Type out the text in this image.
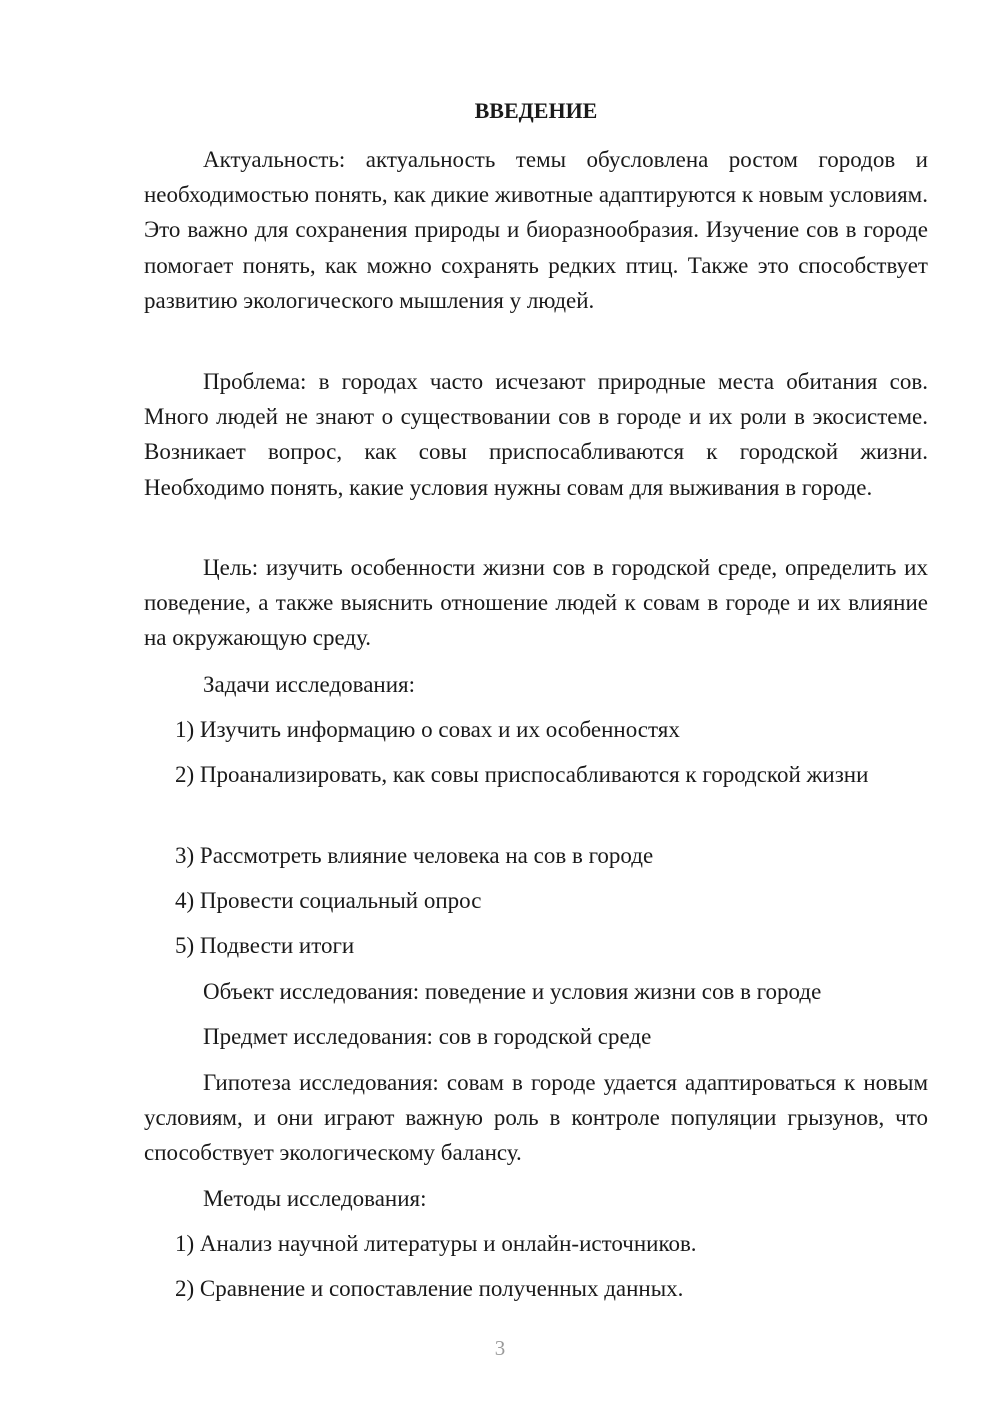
ВВЕДЕНИЕ
Актуальность: актуальность темы обусловлена ростом городов и необходимостью понять, как дикие животные адаптируются к новым условиям. Это важно для сохранения природы и биоразнообразия. Изучение сов в городе помогает понять, как можно сохранять редких птиц. Также это способствует развитию экологического мышления у людей.
Проблема: в городах часто исчезают природные места обитания сов. Много людей не знают о существовании сов в городе и их роли в экосистеме. Возникает вопрос, как совы приспосабливаются к городской жизни. Необходимо понять, какие условия нужны совам для выживания в городе.
Цель: изучить особенности жизни сов в городской среде, определить их поведение, а также выяснить отношение людей к совам в городе и их влияние на окружающую среду.
Задачи исследования:
1) Изучить информацию о совах и их особенностях
2) Проанализировать, как совы приспосабливаются к городской жизни
3) Рассмотреть влияние человека на сов в городе
4) Провести социальный опрос
5) Подвести итоги
Объект исследования: поведение и условия жизни сов в городе
Предмет исследования: сов в городской среде
Гипотеза исследования: совам в городе удается адаптироваться к новым условиям, и они играют важную роль в контроле популяции грызунов, что способствует экологическому балансу.
Методы исследования:
1) Анализ научной литературы и онлайн-источников.
2) Сравнение и сопоставление полученных данных.
3
